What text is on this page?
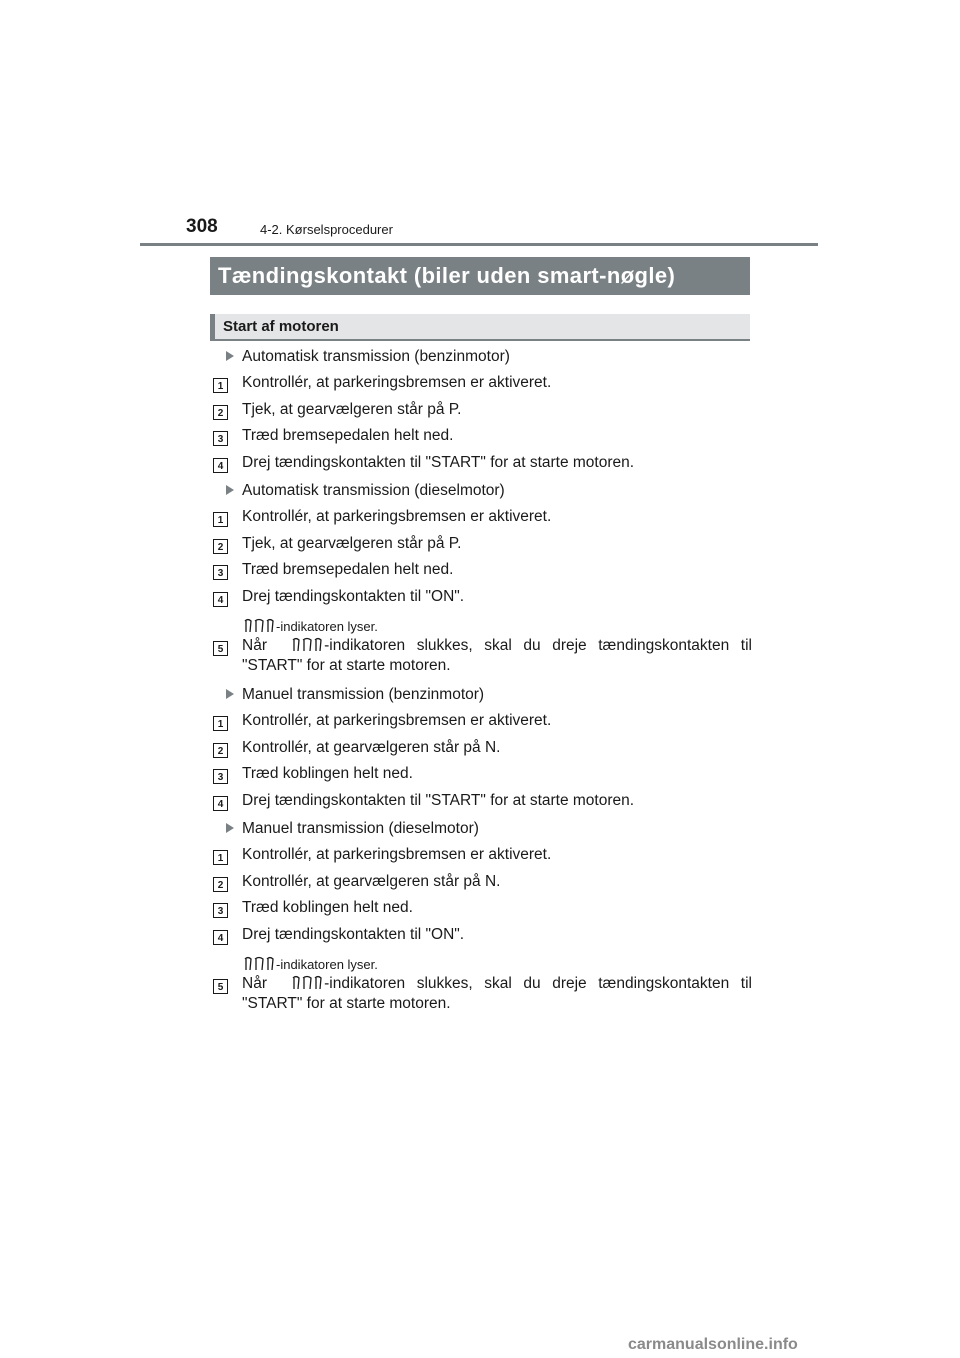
308	4-2. Kørselsprocedurer
Tændingskontakt (biler uden smart-nøgle)
Start af motoren
Automatisk transmission (benzinmotor)
1	Kontrollér, at parkeringsbremsen er aktiveret.
2	Tjek, at gearvælgeren står på P.
3	Træd bremsepedalen helt ned.
4	Drej tændingskontakten til "START" for at starte motoren.
Automatisk transmission (dieselmotor)
1	Kontrollér, at parkeringsbremsen er aktiveret.
2	Tjek, at gearvælgeren står på P.
3	Træd bremsepedalen helt ned.
4	Drej tændingskontakten til "ON".
-indikatoren lyser.
5	Når	-indikatoren slukkes, skal du dreje tændingskontakten til
"START" for at starte motoren.
Manuel transmission (benzinmotor)
1	Kontrollér, at parkeringsbremsen er aktiveret.
2	Kontrollér, at gearvælgeren står på N.
3	Træd koblingen helt ned.
4	Drej tændingskontakten til "START" for at starte motoren.
Manuel transmission (dieselmotor)
1	Kontrollér, at parkeringsbremsen er aktiveret.
2	Kontrollér, at gearvælgeren står på N.
3	Træd koblingen helt ned.
4	Drej tændingskontakten til "ON".
-indikatoren lyser.
5	Når	-indikatoren slukkes, skal du dreje tændingskontakten til
"START" for at starte motoren.
carmanualsonline.info
